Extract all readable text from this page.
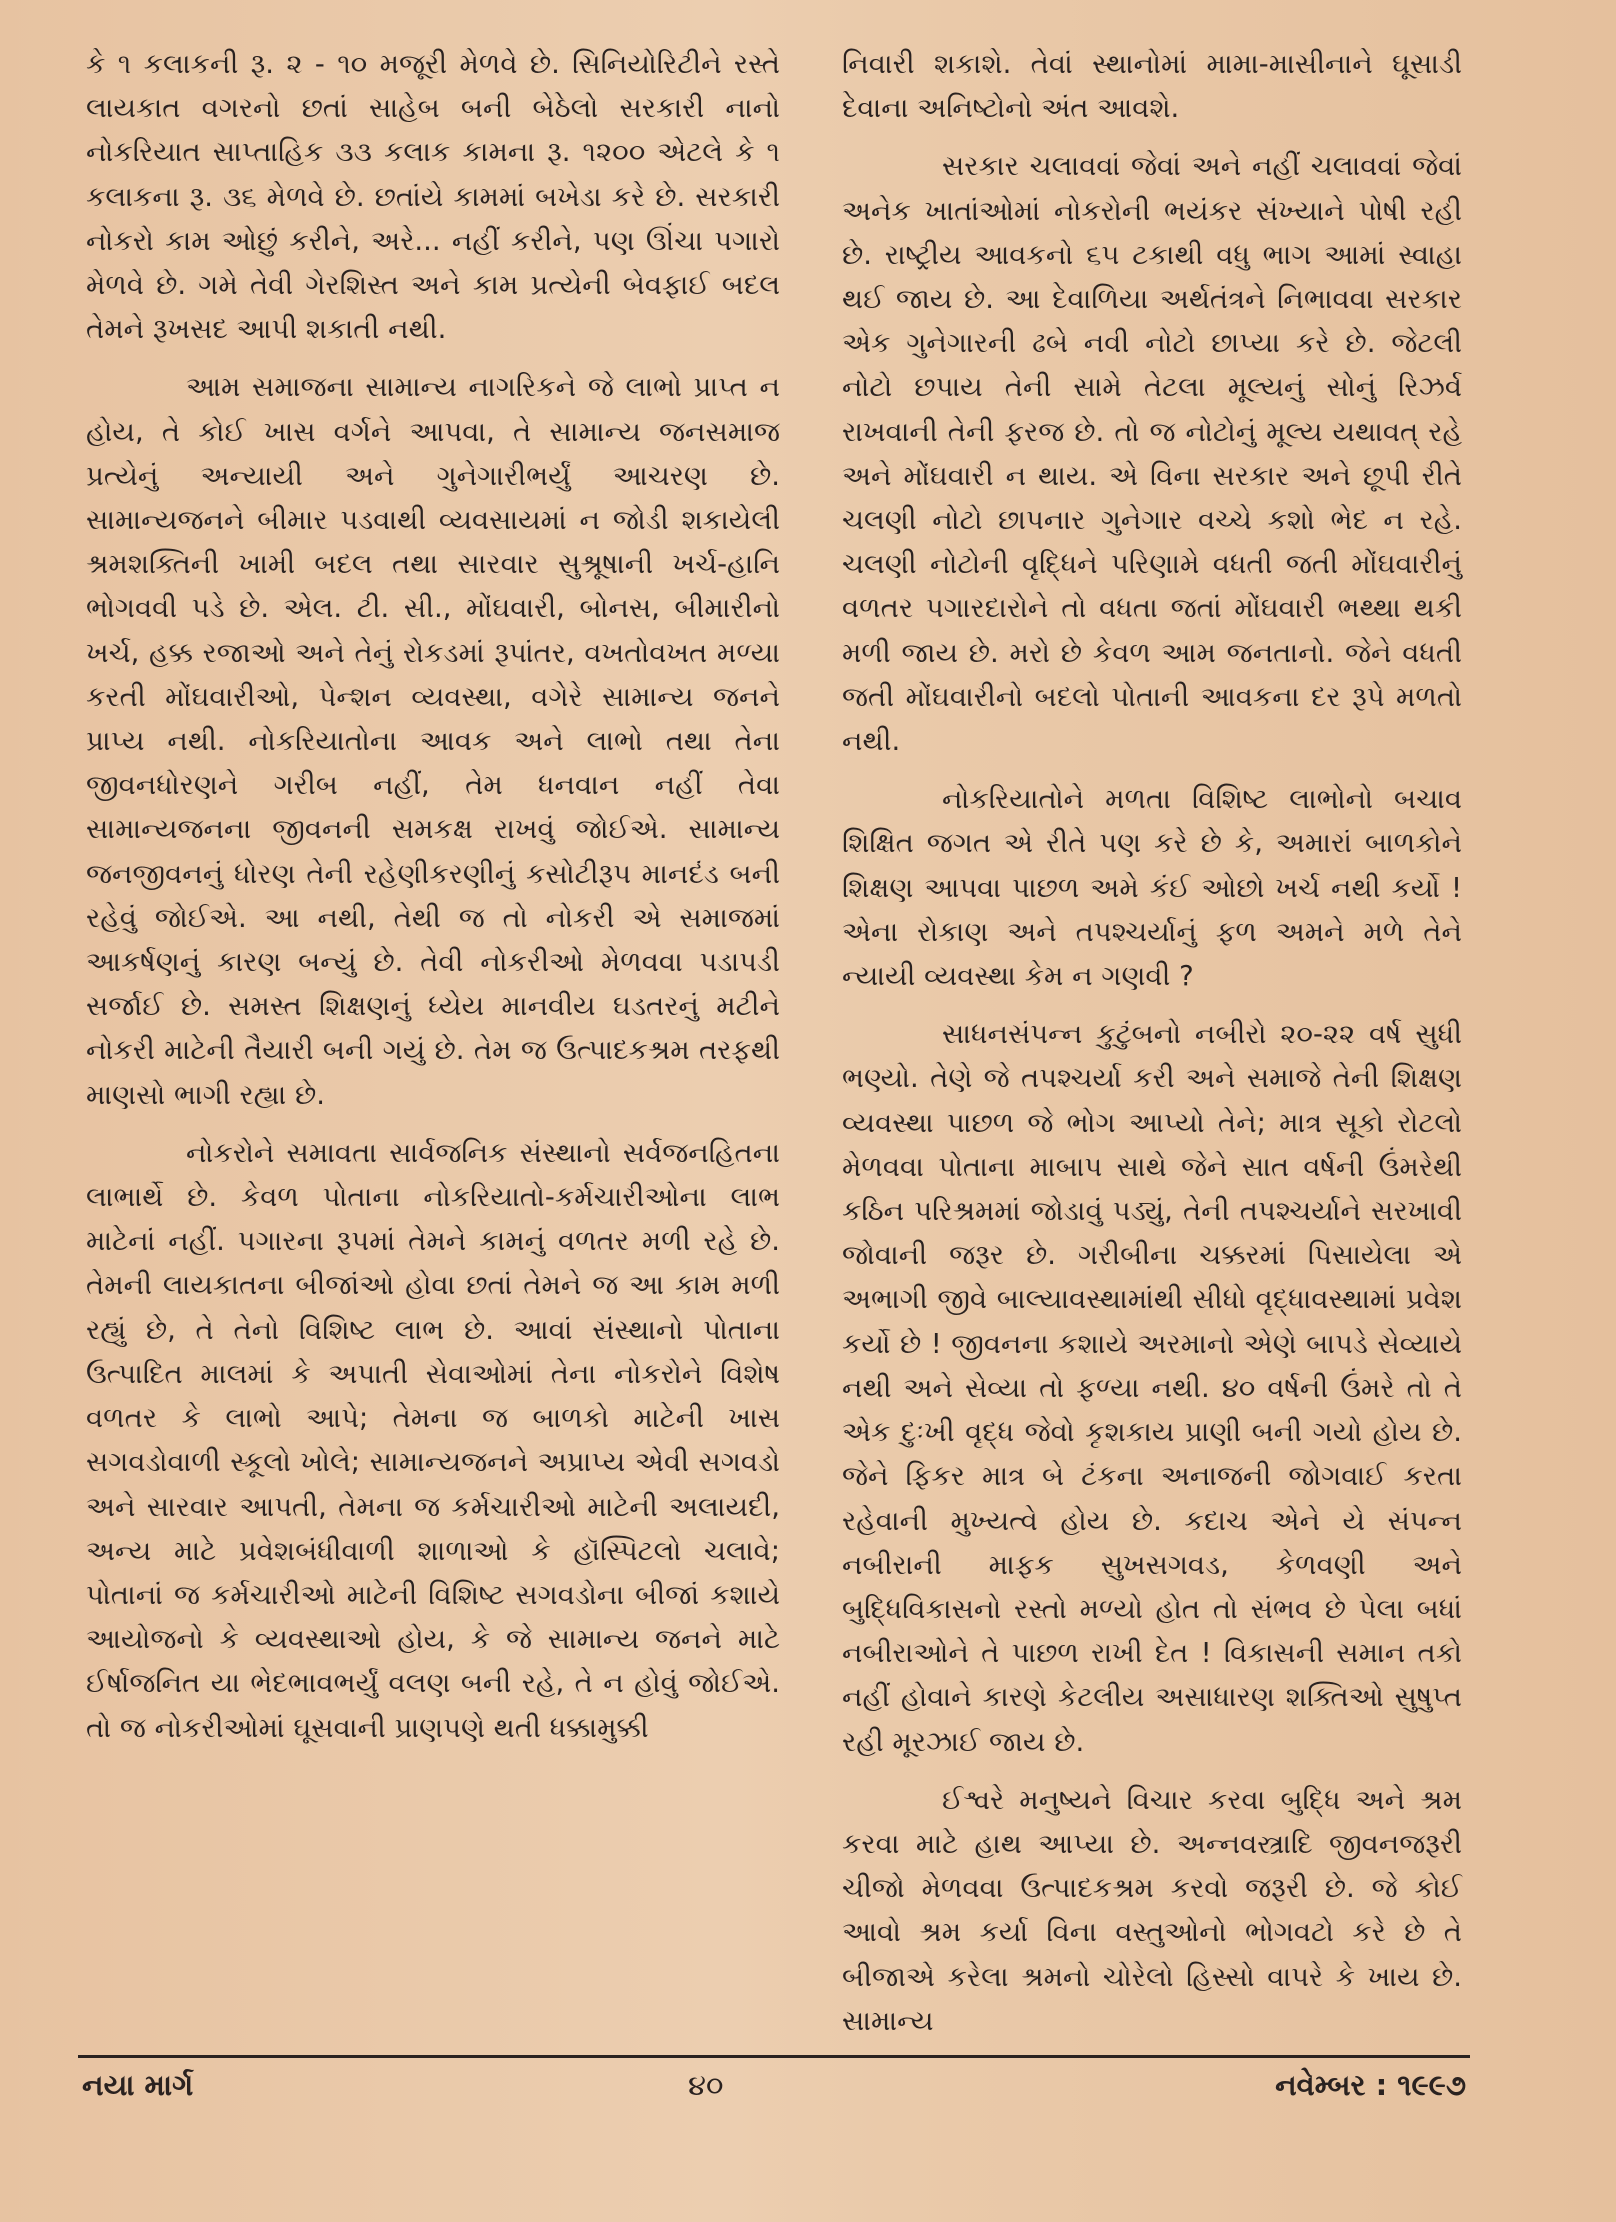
કે ૧ કલાકની રૂ. ૨ - ૧૦ મજૂરી મેળવે છે. સિનિયોરિટીને રસ્તે લાયકાત વગરનો છતાં સાહેબ બની બેઠેલો સરકારી નાનો નોકરિયાત સાપ્તાહિક ૩૩ કલાક કામના રૂ. ૧૨૦૦ એટલે કે ૧ કલાકના રૂ. ૩૬ મેળવે છે. છતાંયે કામમાં બખેડા કરે છે. સરકારી નોકરો કામ ઓછું કરીને, અરે... નહીં કરીને, પણ ઊંચા પગારો મેળવે છે. ગમે તેવી ગેરશિસ્ત અને કામ પ્રત્યેની બેવફાઈ બદલ તેમને રૂખસદ આપી શકાતી નથી.

આમ સમાજના સામાન્ય નાગરિકને જે લાભો પ્રાપ્ત ન હોય, તે કોઈ ખાસ વર્ગને આપવા, તે સામાન્ય જનસમાજ પ્રત્યેનું અન્યાયી અને ગુનેગારીભર્યું આચરણ છે. સામાન્યજનને બીમાર પડવાથી વ્યવસાયમાં ન જોડી શકાયેલી શ્રમશક્તિની ખામી બદલ તથા સારવાર સુશ્રૂષાની ખર્ચ-હાનિ ભોગવવી પડે છે. એલ. ટી. સી., મોંઘવારી, બોનસ, બીમારીનો ખર્ચ, હક્ક રજાઓ અને તેનું રોકડમાં રૂપાંતર, વખતોવખત મળ્યા કરતી મોંઘવારીઓ, પેન્શન વ્યવસ્થા, વગેરે સામાન્ય જનને પ્રાપ્ય નથી. નોકરિયાતોના આવક અને લાભો તથા તેના જીવનધોરણને ગરીબ નહીં, તેમ ધનવાન નહીં તેવા સામાન્યજનના જીવનની સમકક્ષ રાખવું જોઈએ. સામાન્ય જનજીવનનું ધોરણ તેની રહેણીકરણીનું કસોટીરૂપ માનદંડ બની રહેવું જોઈએ. આ નથી, તેથી જ તો નોકરી એ સમાજમાં આકર્ષણનું કારણ બન્યું છે. તેવી નોકરીઓ મેળવવા પડાપડી સર્જાઈ છે. સમસ્ત શિક્ષણનું ધ્યેય માનવીય ઘડતરનું મટીને નોકરી માટેની તૈયારી બની ગયું છે. તેમ જ ઉત્પાદકશ્રમ તરફથી માણસો ભાગી રહ્યા છે.

નોકરોને સમાવતા સાર્વજનિક સંસ્થાનો સર્વજનહિતના લાભાર્થે છે. કેવળ પોતાના નોકરિયાતો-કર્મચારીઓના લાભ માટેનાં નહીં. પગારના રૂપમાં તેમને કામનું વળતર મળી રહે છે. તેમની લાયકાતના બીજાંઓ હોવા છતાં તેમને જ આ કામ મળી રહ્યું છે, તે તેનો વિશિષ્ટ લાભ છે. આવાં સંસ્થાનો પોતાના ઉત્પાદિત માલમાં કે અપાતી સેવાઓમાં તેના નોકરોને વિશેષ વળતર કે લાભો આપે; તેમના જ બાળકો માટેની ખાસ સગવડોવાળી સ્કૂલો ખોલે; સામાન્યજનને અપ્રાપ્ય એવી સગવડો અને સારવાર આપતી, તેમના જ કર્મચારીઓ માટેની અલાયદી, અન્ય માટે પ્રવેશબંધીવાળી શાળાઓ કે હૉસ્પિટલો ચલાવે; પોતાનાં જ કર્મચારીઓ માટેની વિશિષ્ટ સગવડોના બીજાં કશાયે આયોજનો કે વ્યવસ્થાઓ હોય, કે જે સામાન્ય જનને માટે ઈર્ષાજનિત યા ભેદભાવભર્યું વલણ બની રહે, તે ન હોવું જોઈએ. તો જ નોકરીઓમાં ઘૂસવાની પ્રાણપણે થતી ધક્કામુક્કી

નિવારી શકાશે. તેવાં સ્થાનોમાં મામા-માસીનાને ઘૂસાડી દેવાના અનિષ્ટોનો અંત આવશે.

સરકાર ચલાવવાં જેવાં અને નહીં ચલાવવાં જેવાં અનેક ખાતાંઓમાં નોકરોની ભયંકર સંખ્યાને પોષી રહી છે. રાષ્ટ્રીય આવકનો ૬૫ ટકાથી વધુ ભાગ આમાં સ્વાહા થઈ જાય છે. આ દેવાળિયા અર્થતંત્રને નિભાવવા સરકાર એક ગુનેગારની ઢબે નવી નોટો છાપ્યા કરે છે. જેટલી નોટો છપાય તેની સામે તેટલા મૂલ્યનું સોનું રિઝર્વ રાખવાની તેની ફરજ છે. તો જ નોટોનું મૂલ્ય યથાવત્ રહે અને મોંઘવારી ન થાય. એ વિના સરકાર અને છૂપી રીતે ચલણી નોટો છાપનાર ગુનેગાર વચ્ચે કશો ભેદ ન રહે. ચલણી નોટોની વૃદ્ધિને પરિણામે વધતી જતી મોંઘવારીનું વળતર પગારદારોને તો વધતા જતાં મોંઘવારી ભથ્થા થકી મળી જાય છે. મરો છે કેવળ આમ જનતાનો. જેને વધતી જતી મોંઘવારીનો બદલો પોતાની આવકના દર રૂપે મળતો નથી.

નોકરિયાતોને મળતા વિશિષ્ટ લાભોનો બચાવ શિક્ષિત જગત એ રીતે પણ કરે છે કે, અમારાં બાળકોને શિક્ષણ આપવા પાછળ અમે કંઈ ઓછો ખર્ચ નથી કર્યો ! એના રોકાણ અને તપશ્ચર્યાનું ફળ અમને મળે તેને ન્યાયી વ્યવસ્થા કેમ ન ગણવી ?

સાધનસંપન્ન કુટુંબનો નબીરો ૨૦-૨૨ વર્ષ સુધી ભણ્યો. તેણે જે તપશ્ચર્યા કરી અને સમાજે તેની શિક્ષણ વ્યવસ્થા પાછળ જે ભોગ આપ્યો તેને; માત્ર સૂકો રોટલો મેળવવા પોતાના માબાપ સાથે જેને સાત વર્ષની ઉંમરેથી કઠિન પરિશ્રમમાં જોડાવું પડ્યું, તેની તપશ્ચર્યાને સરખાવી જોવાની જરૂર છે. ગરીબીના ચક્કરમાં પિસાયેલા એ અભાગી જીવે બાલ્યાવસ્થામાંથી સીધો વૃદ્ધાવસ્થામાં પ્રવેશ કર્યો છે ! જીવનના કશાયે અરમાનો એણે બાપડે સેવ્યાયે નથી અને સેવ્યા તો ફળ્યા નથી. ૪૦ વર્ષની ઉંમરે તો તે એક દુઃખી વૃદ્ધ જેવો કૃશકાય પ્રાણી બની ગયો હોય છે. જેને ફિકર માત્ર બે ટંકના અનાજની જોગવાઈ કરતા રહેવાની મુખ્યત્વે હોય છે. કદાચ એને યે સંપન્ન નબીરાની માફક સુખસગવડ, કેળવણી અને બુદ્ધિવિકાસનો રસ્તો મળ્યો હોત તો સંભવ છે પેલા બધાં નબીરાઓને તે પાછળ રાખી દેત ! વિકાસની સમાન તકો નહીં હોવાને કારણે કેટલીય અસાધારણ શક્તિઓ સુષુપ્ત રહી મૂરઝાઈ જાય છે.

ઈશ્વરે મનુષ્યને વિચાર કરવા બુદ્ધિ અને શ્રમ કરવા માટે હાથ આપ્યા છે. અન્નવસ્ત્રાદિ જીવનજરૂરી ચીજો મેળવવા ઉત્પાદકશ્રમ કરવો જરૂરી છે. જે કોઈ આવો શ્રમ કર્યા વિના વસ્તુઓનો ભોગવટો કરે છે તે બીજાએ કરેલા શ્રમનો ચોરેલો હિસ્સો વાપરે કે ખાય છે. સામાન્ય

નયા માર્ગ	૪૦	નવેમ્બર : ૧૯૯૭
